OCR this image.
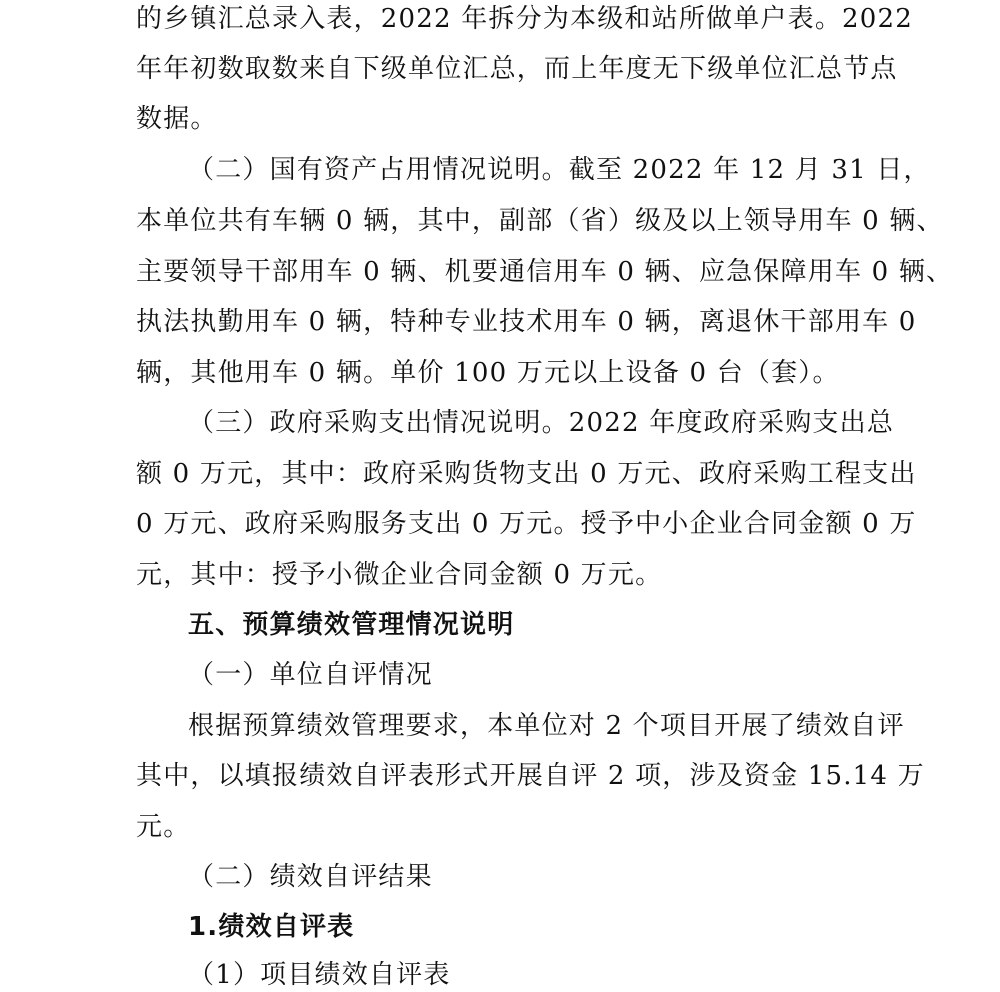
的乡镇汇总录入表，2022 年拆分为本级和站所做单户表。2022
年年初数取数来自下级单位汇总，而上年度无下级单位汇总节点
数据。
（二）国有资产占用情况说明。截至 2022 年 12 月 31 日，
本单位共有车辆 0 辆，其中，副部（省）级及以上领导用车 0 辆、
主要领导干部用车 0 辆、机要通信用车 0 辆、应急保障用车 0 辆、
执法执勤用车 0 辆，特种专业技术用车 0 辆，离退休干部用车 0
辆，其他用车 0 辆。单价 100 万元以上设备 0 台（套）。
（三）政府采购支出情况说明。2022 年度政府采购支出总
额 0 万元，其中：政府采购货物支出 0 万元、政府采购工程支出
0 万元、政府采购服务支出 0 万元。授予中小企业合同金额 0 万
元，其中：授予小微企业合同金额 0 万元。
五、预算绩效管理情况说明
（一）单位自评情况
根据预算绩效管理要求，本单位对 2 个项目开展了绩效自评
其中，以填报绩效自评表形式开展自评 2 项，涉及资金 15.14 万
元。
（二）绩效自评结果
1.绩效自评表
（1）项目绩效自评表
